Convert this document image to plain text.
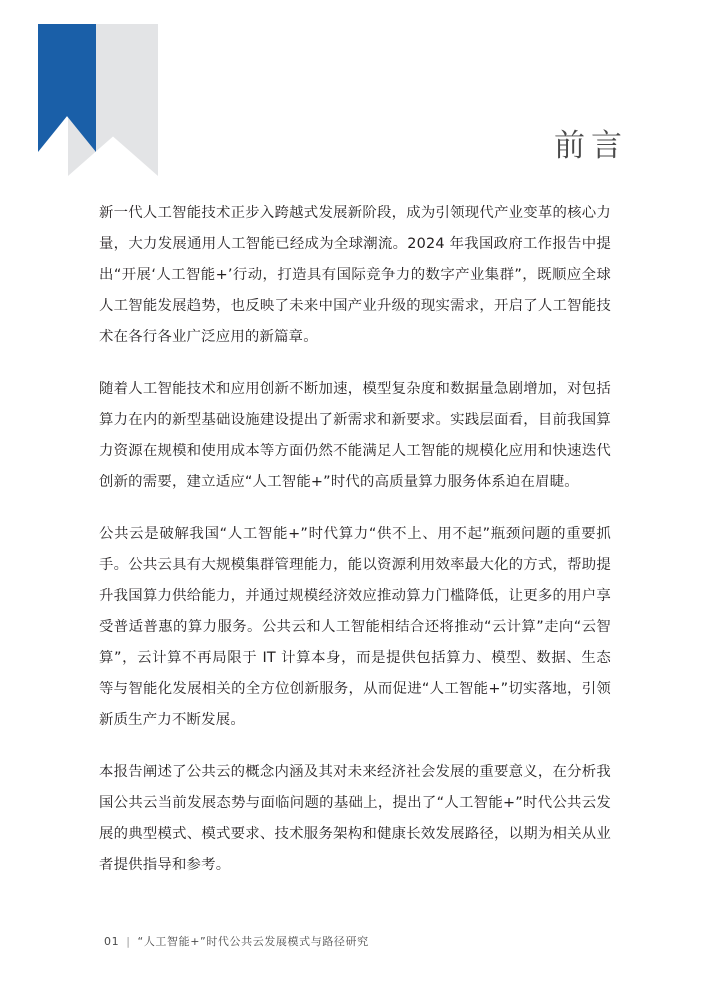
前言

新一代人工智能技术正步入跨越式发展新阶段，成为引领现代产业变革的核心力量，大力发展通用人工智能已经成为全球潮流。2024 年我国政府工作报告中提出“开展‘人工智能+’行动，打造具有国际竞争力的数字产业集群”，既顺应全球人工智能发展趋势，也反映了未来中国产业升级的现实需求，开启了人工智能技术在各行各业广泛应用的新篇章。

随着人工智能技术和应用创新不断加速，模型复杂度和数据量急剧增加，对包括算力在内的新型基础设施建设提出了新需求和新要求。实践层面看，目前我国算力资源在规模和使用成本等方面仍然不能满足人工智能的规模化应用和快速迭代创新的需要，建立适应“人工智能+”时代的高质量算力服务体系迫在眉睫。

公共云是破解我国“人工智能+”时代算力“供不上、用不起”瓶颈问题的重要抓手。公共云具有大规模集群管理能力，能以资源利用效率最大化的方式，帮助提升我国算力供给能力，并通过规模经济效应推动算力门槛降低，让更多的用户享受普适普惠的算力服务。公共云和人工智能相结合还将推动“云计算”走向“云智算”，云计算不再局限于 IT 计算本身，而是提供包括算力、模型、数据、生态等与智能化发展相关的全方位创新服务，从而促进“人工智能+”切实落地，引领新质生产力不断发展。

本报告阐述了公共云的概念内涵及其对未来经济社会发展的重要意义，在分析我国公共云当前发展态势与面临问题的基础上，提出了“人工智能+”时代公共云发展的典型模式、模式要求、技术服务架构和健康长效发展路径，以期为相关从业者提供指导和参考。

01 | “人工智能+”时代公共云发展模式与路径研究
